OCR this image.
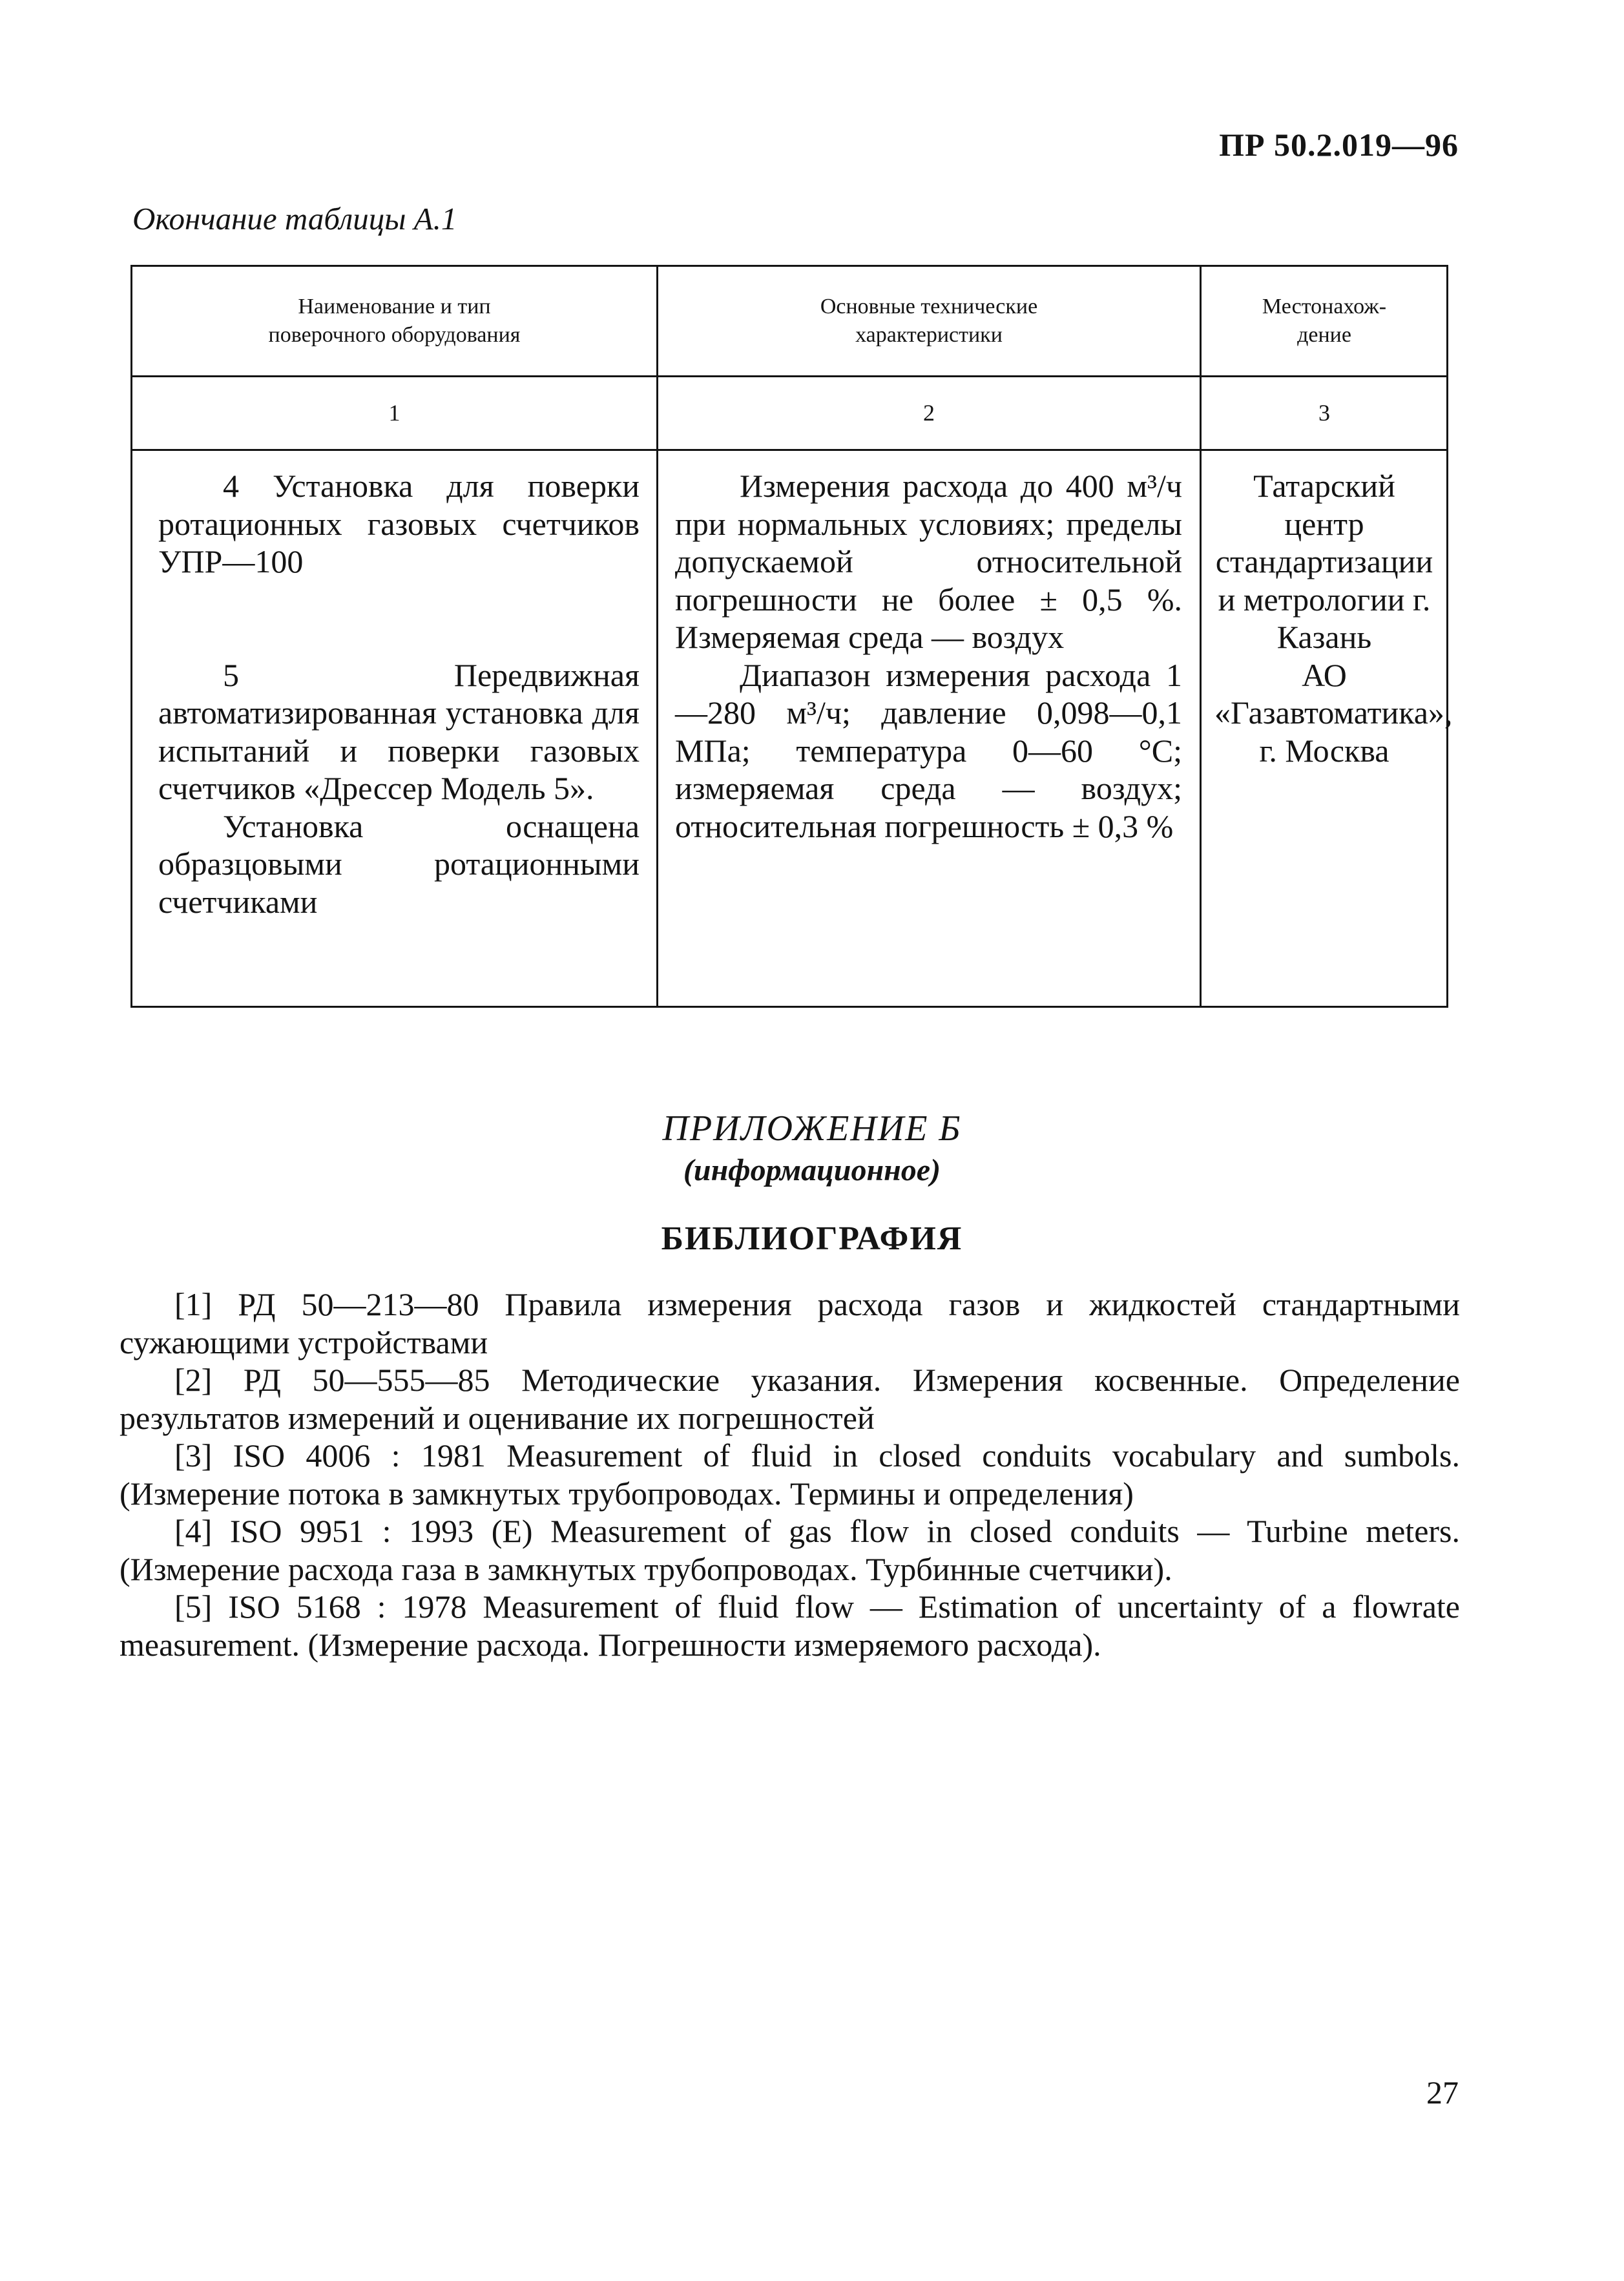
ПР 50.2.019—96
Окончание таблицы А.1
Наименование и тип поверочного оборудования
Основные технические характеристики
Местонахож- дение
1	2	3

4 Установка для поверки ротационных газовых счетчиков УПР—100

5 Передвижная автоматизированная установка для испытаний и поверки газовых счетчиков «Дрессер Модель 5».

Установка оснащена образцовыми ротационными счетчиками

Измерения расхода до 400 м³/ч при нормальных условиях; пределы допускаемой относительной погрешности не более ± 0,5 %. Измеряемая среда — воздух

Диапазон измерения расхода 1—280 м³/ч; давление 0,098—0,1 МПа; температура 0—60 °С; измеряемая среда — воздух; относительная погрешность ± 0,3 %

Татарский центр стандартизации и метрологии г. Казань

АО «Газавтоматика», г. Москва

ПРИЛОЖЕНИЕ Б
(информационное)
БИБЛИОГРАФИЯ

[1] РД 50—213—80 Правила измерения расхода газов и жидкостей стандартными сужающими устройствами

[2] РД 50—555—85 Методические указания. Измерения косвенные. Определение результатов измерений и оценивание их погрешностей

[3] ISO 4006 : 1981 Measurement of fluid in closed conduits vocabulary and sumbols. (Измерение потока в замкнутых трубопроводах. Термины и определения)

[4] ISO 9951 : 1993 (E) Measurement of gas flow in closed conduits — Turbine meters. (Измерение расхода газа в замкнутых трубопроводах. Турбинные счетчики).

[5] ISO 5168 : 1978 Measurement of fluid flow — Estimation of uncertainty of a flowrate measurement. (Измерение расхода. Погрешности измеряемого расхода).

27
